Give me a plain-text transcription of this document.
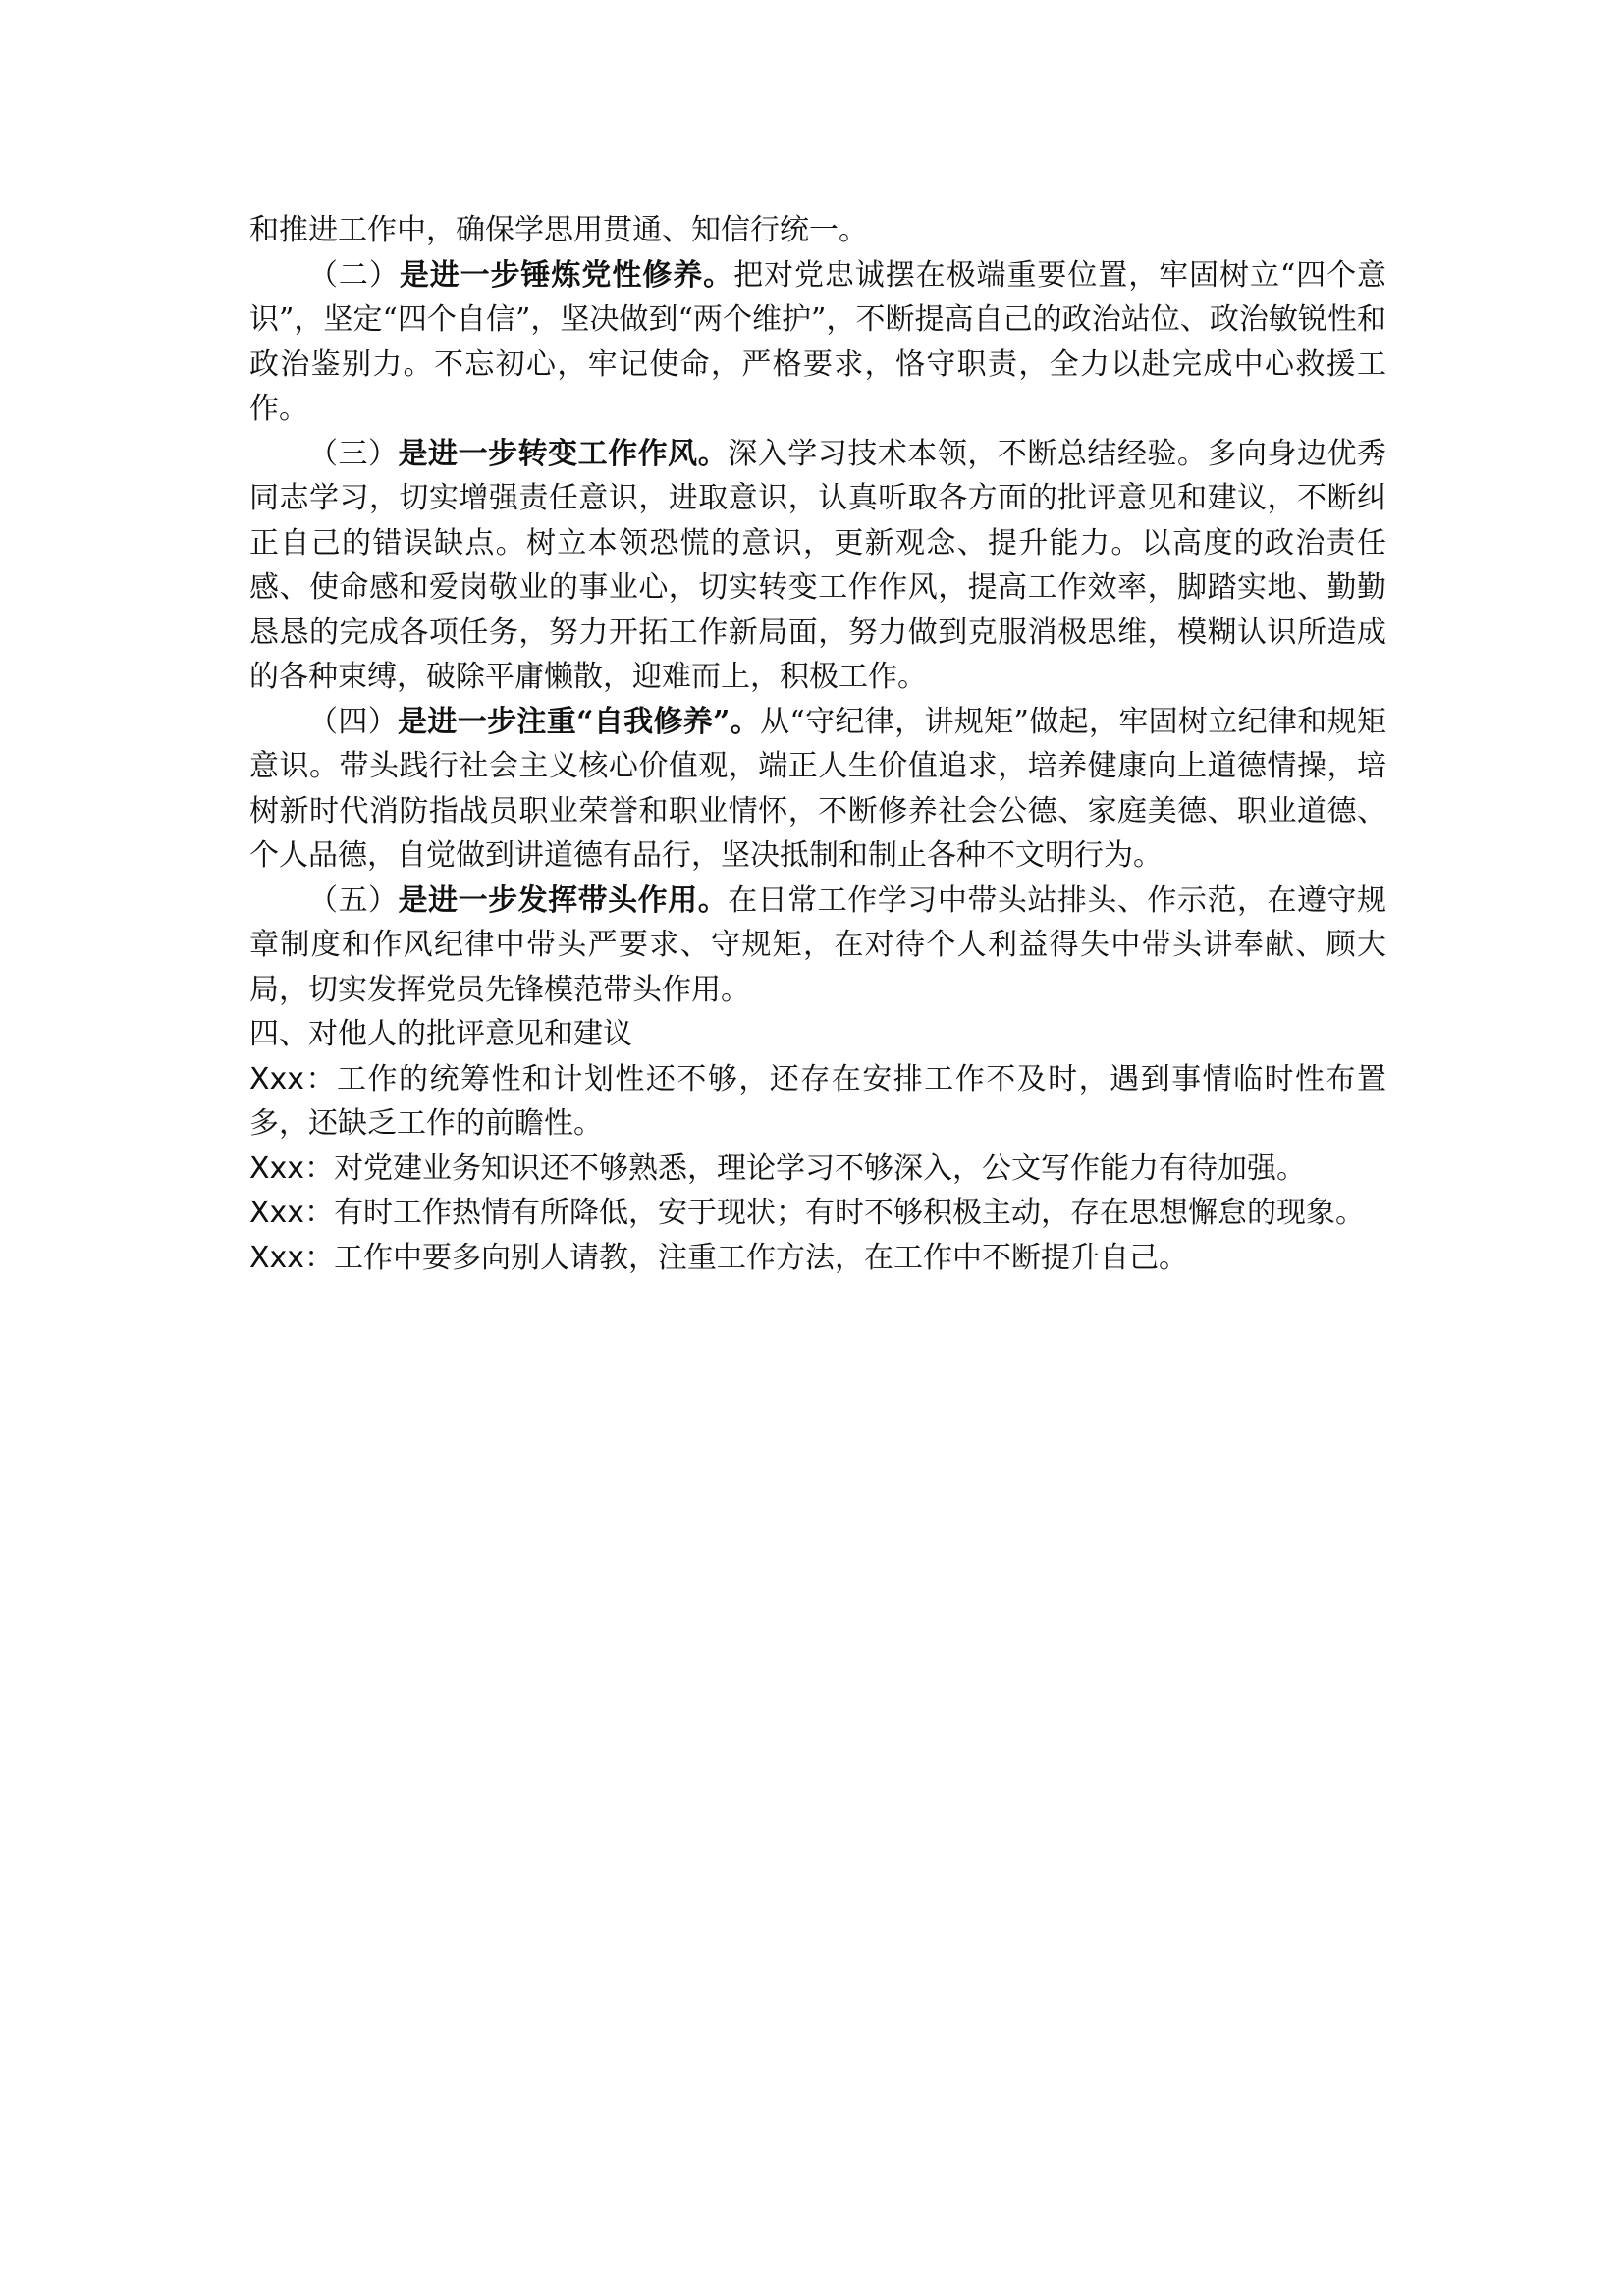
和推进工作中，确保学思用贯通、知信行统一。

（二）是进一步锤炼党性修养。把对党忠诚摆在极端重要位置，牢固树立“四个意识”，坚定“四个自信”，坚决做到“两个维护”，不断提高自己的政治站位、政治敏锐性和政治鉴别力。不忘初心，牢记使命，严格要求，恪守职责，全力以赴完成中心救援工作。

（三）是进一步转变工作作风。深入学习技术本领，不断总结经验。多向身边优秀同志学习，切实增强责任意识，进取意识，认真听取各方面的批评意见和建议，不断纠正自己的错误缺点。树立本领恐慌的意识，更新观念、提升能力。以高度的政治责任感、使命感和爱岗敬业的事业心，切实转变工作作风，提高工作效率，脚踏实地、勤勤恳恳的完成各项任务，努力开拓工作新局面，努力做到克服消极思维，模糊认识所造成的各种束缚，破除平庸懒散，迎难而上，积极工作。

（四）是进一步注重“自我修养”。从“守纪律，讲规矩”做起，牢固树立纪律和规矩意识。带头践行社会主义核心价值观，端正人生价值追求，培养健康向上道德情操，培树新时代消防指战员职业荣誉和职业情怀，不断修养社会公德、家庭美德、职业道德、个人品德，自觉做到讲道德有品行，坚决抵制和制止各种不文明行为。

（五）是进一步发挥带头作用。在日常工作学习中带头站排头、作示范，在遵守规章制度和作风纪律中带头严要求、守规矩，在对待个人利益得失中带头讲奉献、顾大局，切实发挥党员先锋模范带头作用。

四、对他人的批评意见和建议

Xxx：工作的统筹性和计划性还不够，还存在安排工作不及时，遇到事情临时性布置多，还缺乏工作的前瞻性。

Xxx：对党建业务知识还不够熟悉，理论学习不够深入，公文写作能力有待加强。

Xxx：有时工作热情有所降低，安于现状；有时不够积极主动，存在思想懈怠的现象。

Xxx：工作中要多向别人请教，注重工作方法，在工作中不断提升自己。
